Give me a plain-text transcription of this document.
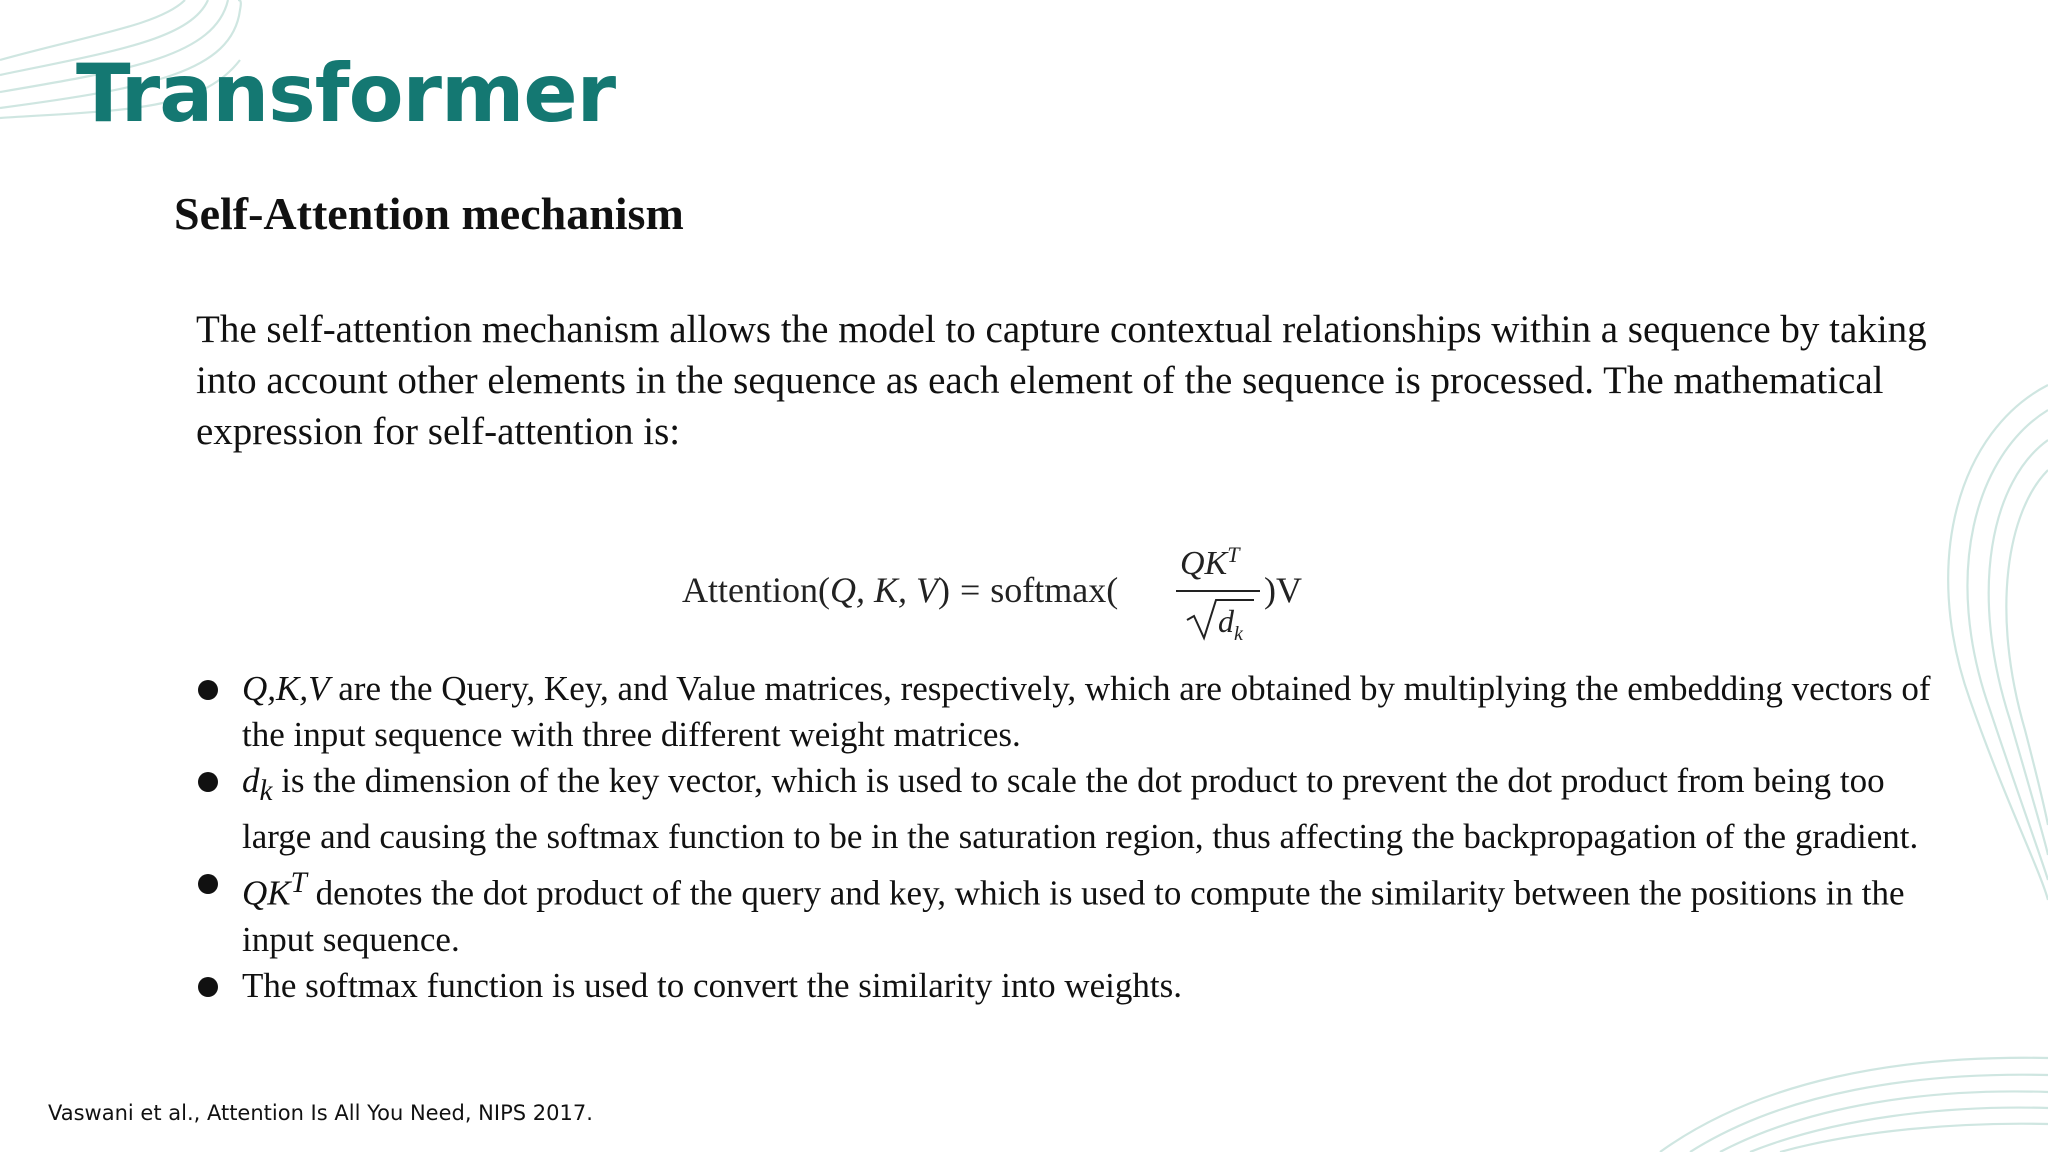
Transformer
Self-Attention mechanism

The self-attention mechanism allows the model to capture contextual relationships within a sequence by taking into account other elements in the sequence as each element of the sequence is processed. The mathematical expression for self-attention is:

Attention(Q, K, V) = softmax(
$QK^T$
$d_k$
)V
Q,K,V are the Query, Key, and Value matrices, respectively, which are obtained by multiplying the embedding vectors of the input sequence with three different weight matrices.
$d_k$ is the dimension of the key vector, which is used to scale the dot product to prevent the dot product from being too large and causing the softmax function to be in the saturation region, thus affecting the backpropagation of the gradient.
$QK^T$ denotes the dot product of the query and key, which is used to compute the similarity between the positions in the input sequence.
The softmax function is used to convert the similarity into weights.

Vaswani et al., Attention Is All You Need, NIPS 2017.
